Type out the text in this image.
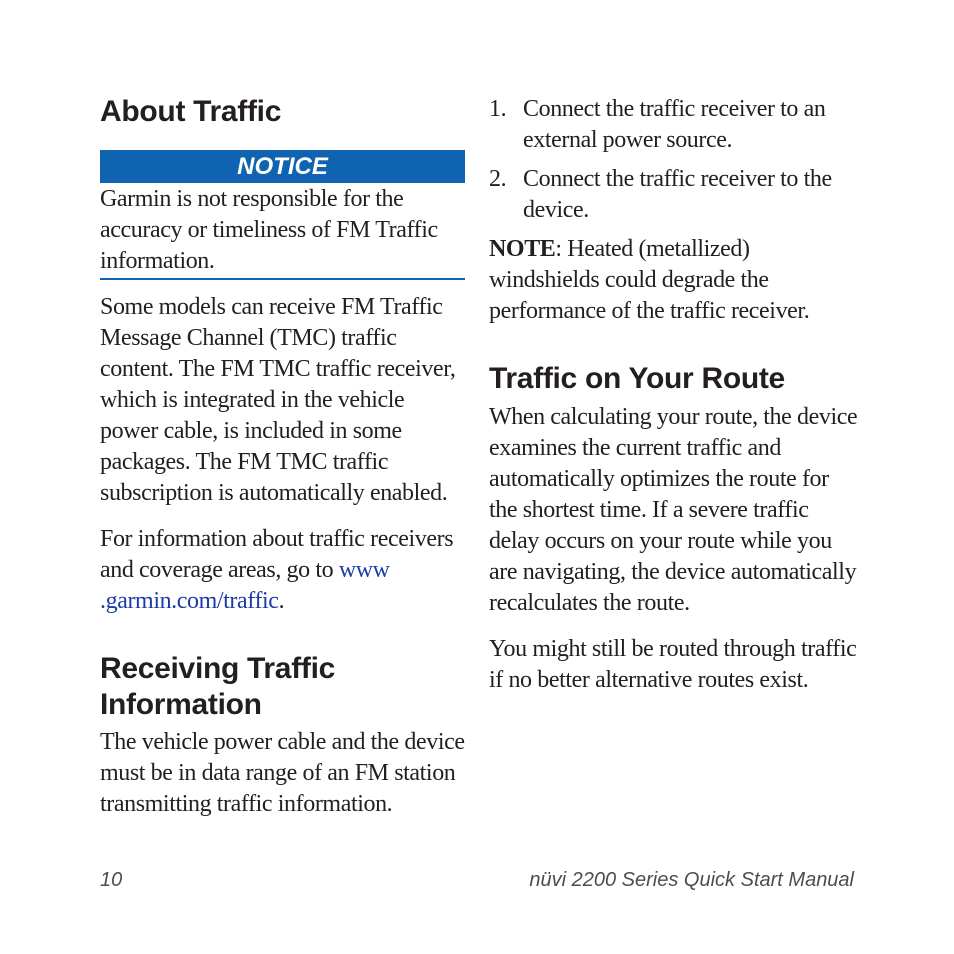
About Traffic
NOTICE

Garmin is not responsible for the accuracy or timeliness of FM Traffic information.

Some models can receive FM Traffic Message Channel (TMC) traffic content. The FM TMC traffic receiver, which is integrated in the vehicle power cable, is included in some packages. The FM TMC traffic subscription is automatically enabled.

For information about traffic receivers and coverage areas, go to www .garmin.com/traffic.

Receiving Traffic Information

The vehicle power cable and the device must be in data range of an FM station transmitting traffic information.

1. Connect the traffic receiver to an external power source.
2. Connect the traffic receiver to the device.

NOTE: Heated (metallized) windshields could degrade the performance of the traffic receiver.

Traffic on Your Route

When calculating your route, the device examines the current traffic and automatically optimizes the route for the shortest time. If a severe traffic delay occurs on your route while you are navigating, the device automatically recalculates the route.

You might still be routed through traffic if no better alternative routes exist.

10	nüvi 2200 Series Quick Start Manual
